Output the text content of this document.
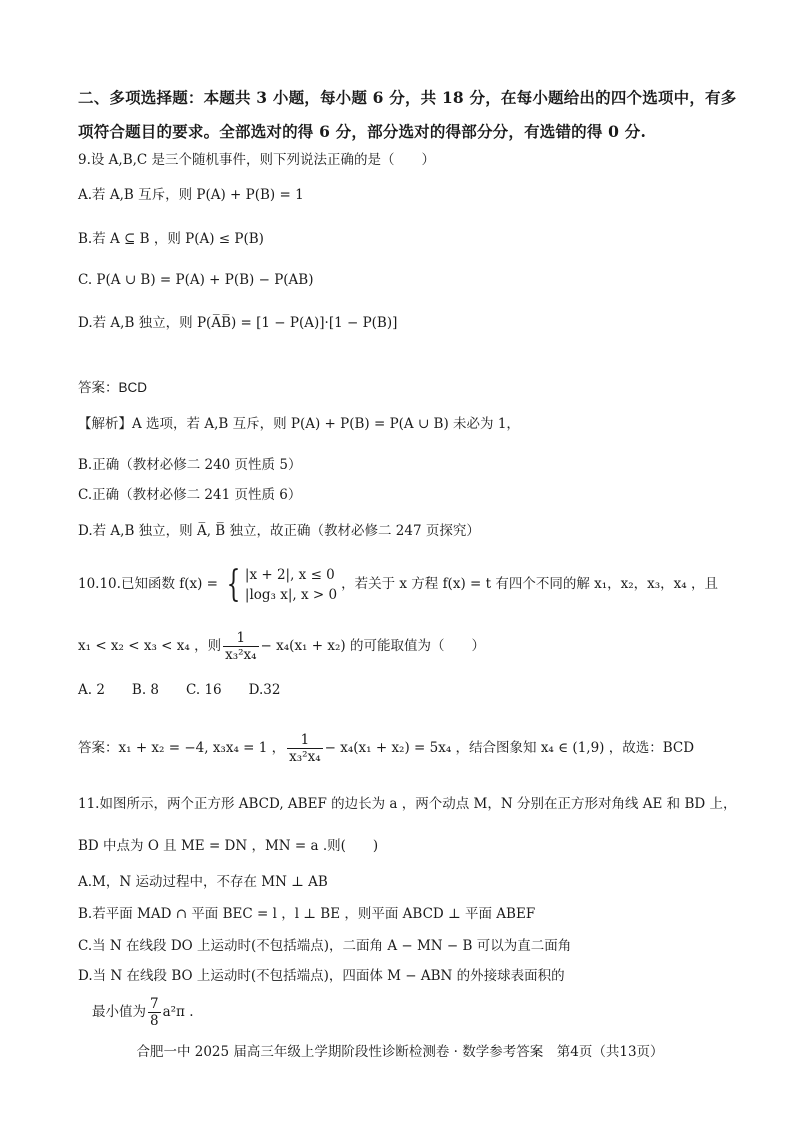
二、多项选择题：本题共 3 小题，每小题 6 分，共 18 分，在每小题给出的四个选项中，有多
项符合题目的要求。全部选对的得 6 分，部分选对的得部分分，有选错的得 0 分.
9.设 A,B,C 是三个随机事件，则下列说法正确的是（　　）
A.若 A,B 互斥，则 P(A) + P(B) = 1
B.若 A ⊆ B ，则 P(A) ≤ P(B)
C. P(A ∪ B) = P(A) + P(B) − P(AB)
D.若 A,B 独立，则 P(A̅B̅) = [1 − P(A)]·[1 − P(B)]
答案：BCD
【解析】A 选项，若 A,B 互斥，则 P(A) + P(B) = P(A ∪ B) 未必为 1，
B.正确（教材必修二 240 页性质 5）
C.正确（教材必修二 241 页性质 6）
D.若 A,B 独立，则 A̅, B̅ 独立，故正确（教材必修二 247 页探究）
10.10.已知函数 f(x) = { |x + 2|, x ≤ 0
|log₃ x|, x > 0
，若关于 x 方程 f(x) = t 有四个不同的解 x₁，x₂，x₃，x₄ ，且
x₁ < x₂ < x₃ < x₄ ，则 $\frac{1}{\text{x₃²x₄}} - x_4(x_1 + x_2)$ 的可能取值为（　　）
A. 2　　B. 8　　C. 16　　D.32
答案：x₁ + x₂ = −4, x₃x₄ = 1 ， $\frac{1}{\text{x₃²x₄}} - x_4(x_1 + x_2) = 5x_4$ ，结合图象知 x₄ ∈ (1,9) ，故选：BCD
11.如图所示，两个正方形 ABCD, ABEF 的边长为 a ，两个动点 M，N 分别在正方形对角线 AE 和 BD 上，
BD 中点为 O 且 ME = DN ，MN = a .则(　　)
A.M，N 运动过程中，不存在 MN ⊥ AB
B.若平面 MAD ∩ 平面 BEC = l ，l ⊥ BE ，则平面 ABCD ⊥ 平面 ABEF
C.当 N 在线段 DO 上运动时(不包括端点)，二面角 A − MN − B 可以为直二面角
D.当 N 在线段 BO 上运动时(不包括端点)，四面体 M − ABN 的外接球表面积的
最小值为 $\frac{7}{8} a^2\pi$ .
合肥一中 2025 届高三年级上学期阶段性诊断检测卷 · 数学参考答案　第4页（共13页）
